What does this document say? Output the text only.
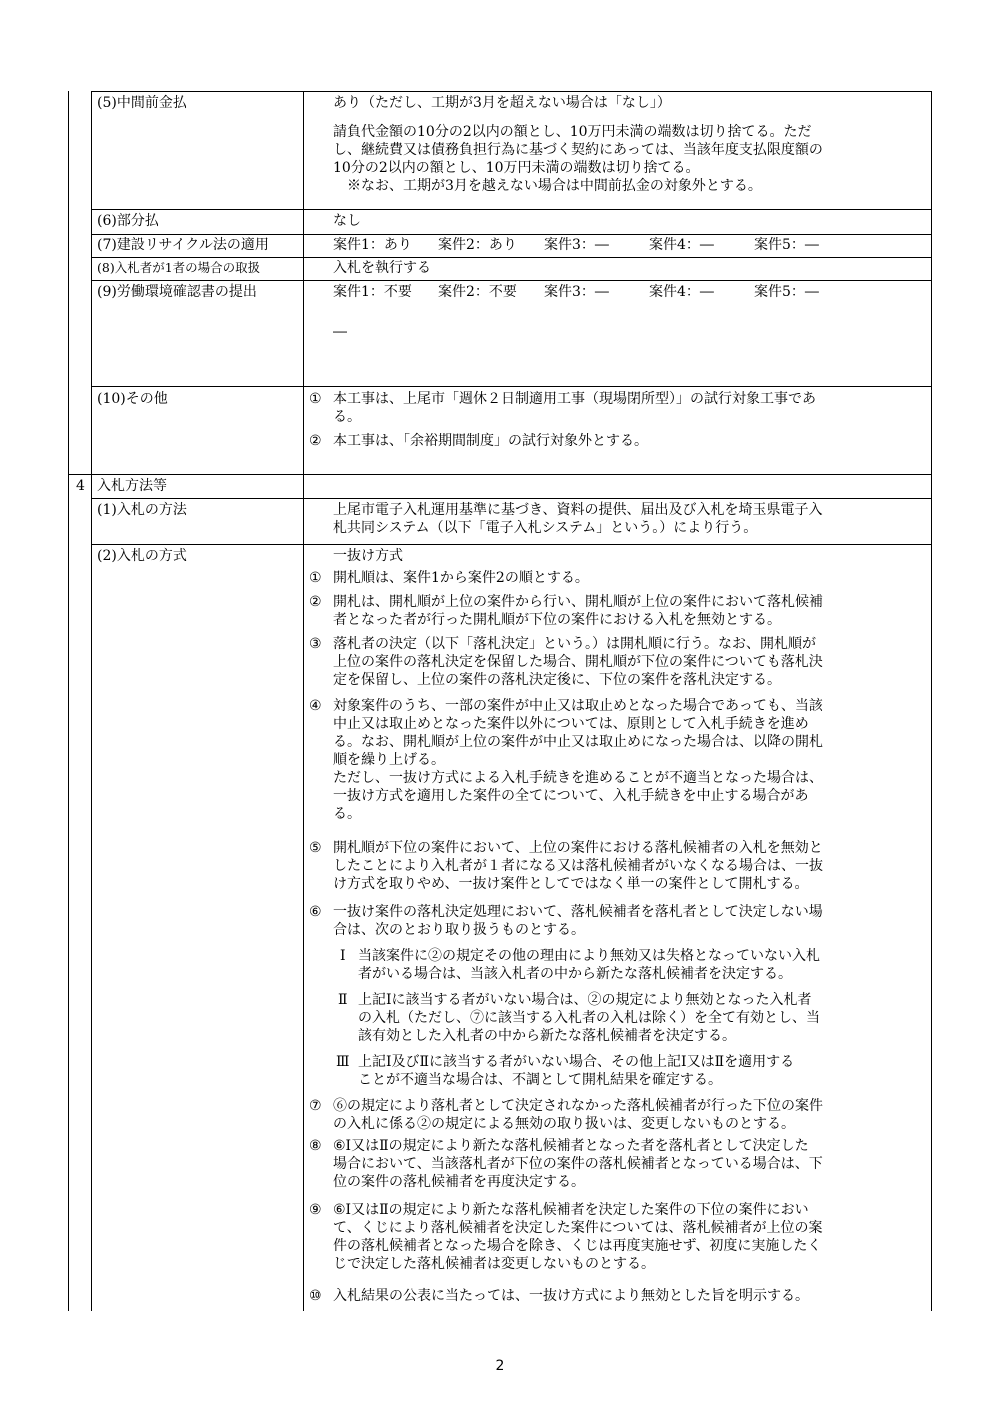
(5)中間前金払	あり（ただし、工期が3月を超えない場合は「なし」）
請負代金額の10分の2以内の額とし、10万円未満の端数は切り捨てる。ただ
し、継続費又は債務負担行為に基づく契約にあっては、当該年度支払限度額の
10分の2以内の額とし、10万円未満の端数は切り捨てる。
※なお、工期が3月を越えない場合は中間前払金の対象外とする。
(6)部分払	なし
(7)建設リサイクル法の適用	案件1：あり 案件2：あり 案件3：―	案件4：―	案件5：―
(8)入札者が1者の場合の取扱	入札を執行する
(9)労働環境確認書の提出	案件1：不要 案件2：不要 案件3：―	案件4：―	案件5：―
―
(10)その他	① 本工事は、上尾市「週休２日制適用工事（現場閉所型）」の試行対象工事であ
る。
② 本工事は、「余裕期間制度」の試行対象外とする。
4 入札方法等
(1)入札の方法	上尾市電子入札運用基準に基づき、資料の提供、届出及び入札を埼玉県電子入
札共同システム（以下「電子入札システム」という。）により行う。
(2)入札の方式	一抜け方式
① 開札順は、案件1から案件2の順とする。
② 開札は、開札順が上位の案件から行い、開札順が上位の案件において落札候補
者となった者が行った開札順が下位の案件における入札を無効とする。
③ 落札者の決定（以下「落札決定」という。）は開札順に行う。なお、開札順が
上位の案件の落札決定を保留した場合、開札順が下位の案件についても落札決
定を保留し、上位の案件の落札決定後に、下位の案件を落札決定する。
④ 対象案件のうち、一部の案件が中止又は取止めとなった場合であっても、当該
中止又は取止めとなった案件以外については、原則として入札手続きを進め
る。なお、開札順が上位の案件が中止又は取止めになった場合は、以降の開札
順を繰り上げる。
ただし、一抜け方式による入札手続きを進めることが不適当となった場合は、
一抜け方式を適用した案件の全てについて、入札手続きを中止する場合があ
る。
⑤ 開札順が下位の案件において、上位の案件における落札候補者の入札を無効と
したことにより入札者が１者になる又は落札候補者がいなくなる場合は、一抜
け方式を取りやめ、一抜け案件としてではなく単一の案件として開札する。
⑥ 一抜け案件の落札決定処理において、落札候補者を落札者として決定しない場
合は、次のとおり取り扱うものとする。
Ⅰ 当該案件に②の規定その他の理由により無効又は失格となっていない入札
者がいる場合は、当該入札者の中から新たな落札候補者を決定する。
Ⅱ 上記Ⅰに該当する者がいない場合は、②の規定により無効となった入札者
の入札（ただし、⑦に該当する入札者の入札は除く）を全て有効とし、当
該有効とした入札者の中から新たな落札候補者を決定する。
Ⅲ 上記Ⅰ及びⅡに該当する者がいない場合、その他上記Ⅰ又はⅡを適用する
ことが不適当な場合は、不調として開札結果を確定する。
⑦ ⑥の規定により落札者として決定されなかった落札候補者が行った下位の案件
の入札に係る②の規定による無効の取り扱いは、変更しないものとする。
⑧ ⑥Ⅰ又はⅡの規定により新たな落札候補者となった者を落札者として決定した
場合において、当該落札者が下位の案件の落札候補者となっている場合は、下
位の案件の落札候補者を再度決定する。
⑨ ⑥Ⅰ又はⅡの規定により新たな落札候補者を決定した案件の下位の案件におい
て、くじにより落札候補者を決定した案件については、落札候補者が上位の案
件の落札候補者となった場合を除き、くじは再度実施せず、初度に実施したく
じで決定した落札候補者は変更しないものとする。
⑩ 入札結果の公表に当たっては、一抜け方式により無効とした旨を明示する。
2
